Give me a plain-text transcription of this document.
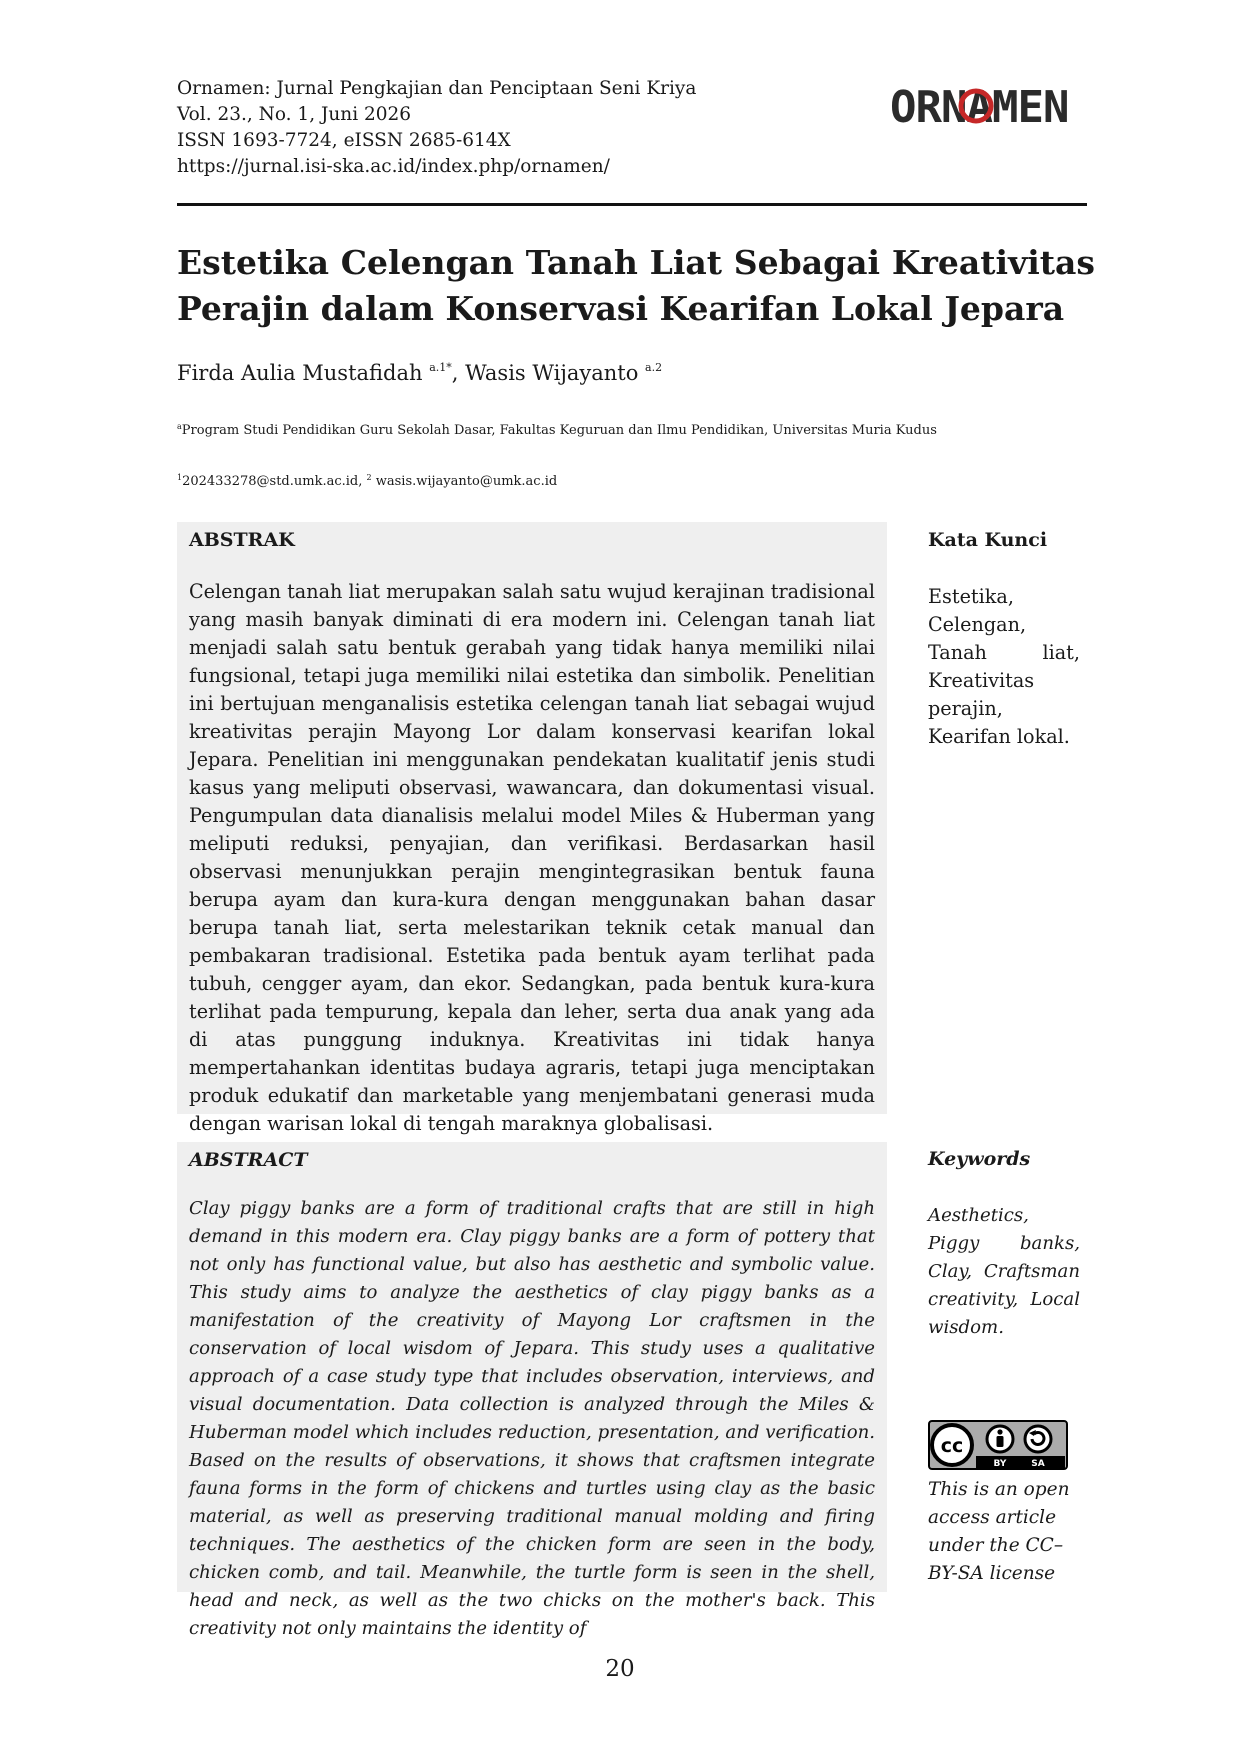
Ornamen: Jurnal Pengkajian dan Penciptaan Seni Kriya
Vol. 23., No. 1, Juni 2026
ISSN 1693-7724, eISSN 2685-614X
https://jurnal.isi-ska.ac.id/index.php/ornamen/
ORNAMEN
Estetika Celengan Tanah Liat Sebagai Kreativitas Perajin dalam Konservasi Kearifan Lokal Jepara
Firda Aulia Mustafidah $^{a.1*}$, Wasis Wijayanto $^{a.2}$
$^a$Program Studi Pendidikan Guru Sekolah Dasar, Fakultas Keguruan dan Ilmu Pendidikan, Universitas Muria Kudus
$^1$202433278@std.umk.ac.id, $^2$ wasis.wijayanto@umk.ac.id
ABSTRAK

Celengan tanah liat merupakan salah satu wujud kerajinan tradisional yang masih banyak diminati di era modern ini. Celengan tanah liat menjadi salah satu bentuk gerabah yang tidak hanya memiliki nilai fungsional, tetapi juga memiliki nilai estetika dan simbolik. Penelitian ini bertujuan menganalisis estetika celengan tanah liat sebagai wujud kreativitas perajin Mayong Lor dalam konservasi kearifan lokal Jepara. Penelitian ini menggunakan pendekatan kualitatif jenis studi kasus yang meliputi observasi, wawancara, dan dokumentasi visual. Pengumpulan data dianalisis melalui model Miles & Huberman yang meliputi reduksi, penyajian, dan verifikasi. Berdasarkan hasil observasi menunjukkan perajin mengintegrasikan bentuk fauna berupa ayam dan kura-kura dengan menggunakan bahan dasar berupa tanah liat, serta melestarikan teknik cetak manual dan pembakaran tradisional. Estetika pada bentuk ayam terlihat pada tubuh, cengger ayam, dan ekor. Sedangkan, pada bentuk kura-kura terlihat pada tempurung, kepala dan leher, serta dua anak yang ada di atas punggung induknya. Kreativitas ini tidak hanya mempertahankan identitas budaya agraris, tetapi juga menciptakan produk edukatif dan marketable yang menjembatani generasi muda dengan warisan lokal di tengah maraknya globalisasi.

Kata Kunci
Estetika, Celengan, Tanah liat, Kreativitas perajin, Kearifan lokal.
ABSTRACT

Clay piggy banks are a form of traditional crafts that are still in high demand in this modern era. Clay piggy banks are a form of pottery that not only has functional value, but also has aesthetic and symbolic value. This study aims to analyze the aesthetics of clay piggy banks as a manifestation of the creativity of Mayong Lor craftsmen in the conservation of local wisdom of Jepara. This study uses a qualitative approach of a case study type that includes observation, interviews, and visual documentation. Data collection is analyzed through the Miles & Huberman model which includes reduction, presentation, and verification. Based on the results of observations, it shows that craftsmen integrate fauna forms in the form of chickens and turtles using clay as the basic material, as well as preserving traditional manual molding and firing techniques. The aesthetics of the chicken form are seen in the body, chicken comb, and tail. Meanwhile, the turtle form is seen in the shell, head and neck, as well as the two chicks on the mother's back. This creativity not only maintains the identity of

Keywords
Aesthetics, Piggy banks, Clay, Craftsman creativity, Local wisdom.
cc
BY	SA
This is an open access article under the CC–BY-SA license
20
